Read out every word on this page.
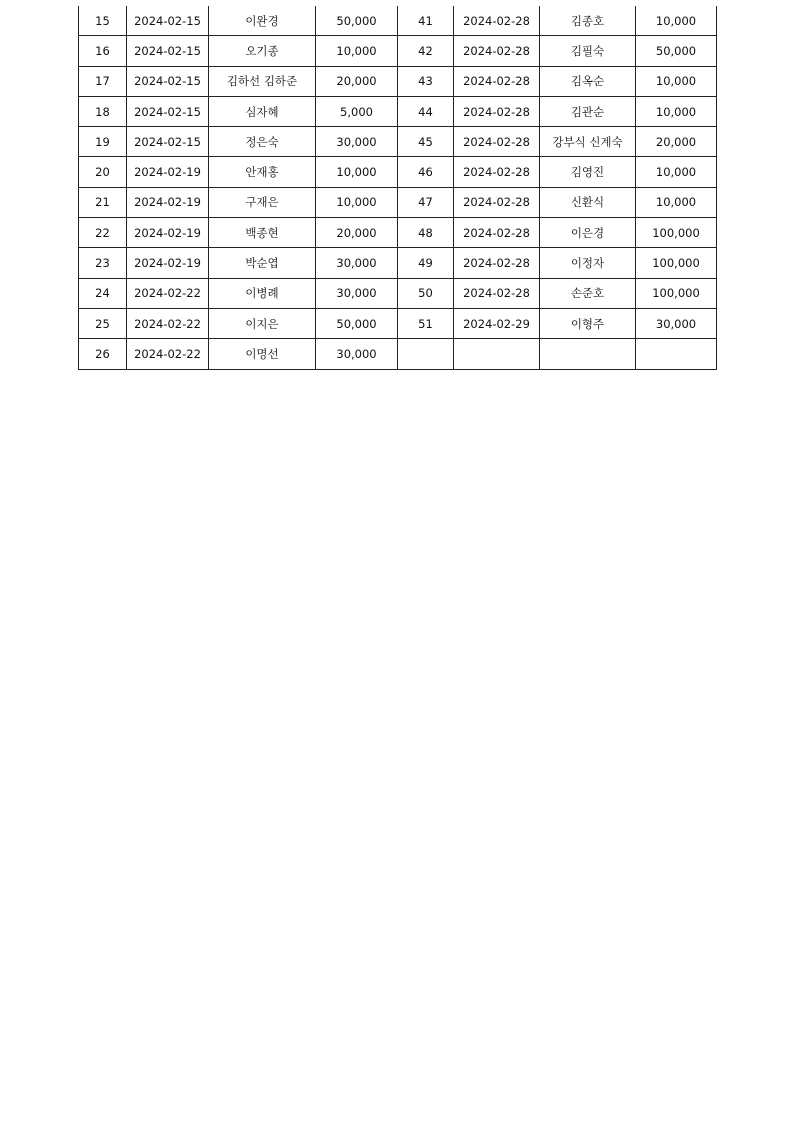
15	2024-02-15	이완경	50,000	41	2024-02-28	김종호	10,000
16	2024-02-15	오기종	10,000	42	2024-02-28	김필숙	50,000
17	2024-02-15	김하선 김하준	20,000	43	2024-02-28	김옥순	10,000
18	2024-02-15	심자혜	5,000	44	2024-02-28	김관순	10,000
19	2024-02-15	정은숙	30,000	45	2024-02-28	강부식 신계숙	20,000
20	2024-02-19	안재홍	10,000	46	2024-02-28	김영진	10,000
21	2024-02-19	구재은	10,000	47	2024-02-28	신환식	10,000
22	2024-02-19	백종현	20,000	48	2024-02-28	이은경	100,000
23	2024-02-19	박순엽	30,000	49	2024-02-28	이정자	100,000
24	2024-02-22	이병례	30,000	50	2024-02-28	손준호	100,000
25	2024-02-22	이지은	50,000	51	2024-02-29	이형주	30,000
26	2024-02-22	이명선	30,000				
